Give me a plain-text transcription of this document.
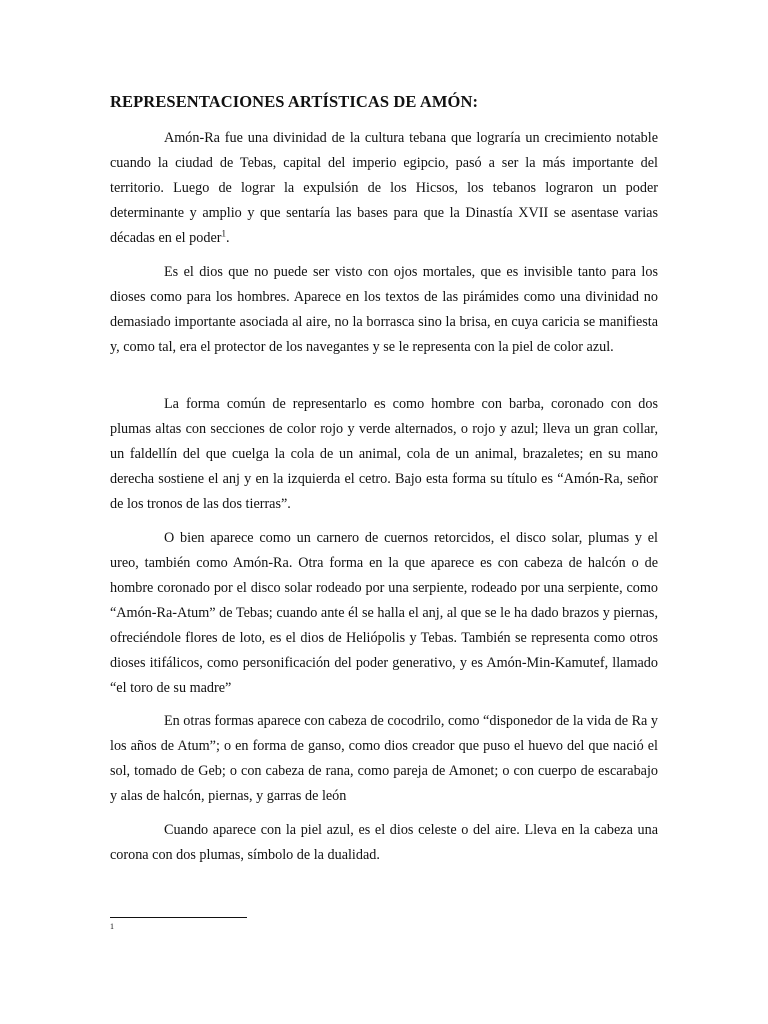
REPRESENTACIONES ARTÍSTICAS DE AMÓN:

Amón-Ra fue una divinidad de la cultura tebana que lograría un crecimiento notable cuando la ciudad de Tebas, capital del imperio egipcio, pasó a ser la más importante del territorio. Luego de lograr la expulsión de los Hicsos, los tebanos lograron un poder determinante y amplio y que sentaría las bases para que la Dinastía XVII se asentase varias décadas en el poder$^1$.

Es el dios que no puede ser visto con ojos mortales, que es invisible tanto para los dioses como para los hombres. Aparece en los textos de las pirámides como una divinidad no demasiado importante asociada al aire, no la borrasca sino la brisa, en cuya caricia se manifiesta y, como tal, era el protector de los navegantes y se le representa con la piel de color azul.

La forma común de representarlo es como hombre con barba, coronado con dos plumas altas con secciones de color rojo y verde alternados, o rojo y azul; lleva un gran collar, un faldellín del que cuelga la cola de un animal, cola de un animal, brazaletes; en su mano derecha sostiene el anj y en la izquierda el cetro. Bajo esta forma su título es “Amón-Ra, señor de los tronos de las dos tierras”.

O bien aparece como un carnero de cuernos retorcidos, el disco solar, plumas y el ureo, también como Amón-Ra. Otra forma en la que aparece es con cabeza de halcón o de hombre coronado por el disco solar rodeado por una serpiente, rodeado por una serpiente, como “Amón-Ra-Atum” de Tebas; cuando ante él se halla el anj, al que se le ha dado brazos y piernas, ofreciéndole flores de loto, es el dios de Heliópolis y Tebas. También se representa como otros dioses itifálicos, como personificación del poder generativo, y es Amón-Min-Kamutef, llamado “el toro de su madre”

En otras formas aparece con cabeza de cocodrilo, como “disponedor de la vida de Ra y los años de Atum”; o en forma de ganso, como dios creador que puso el huevo del que nació el sol, tomado de Geb; o con cabeza de rana, como pareja de Amonet; o con cuerpo de escarabajo y alas de halcón, piernas, y garras de león

Cuando aparece con la piel azul, es el dios celeste o del aire. Lleva en la cabeza una corona con dos plumas, símbolo de la dualidad.

1
